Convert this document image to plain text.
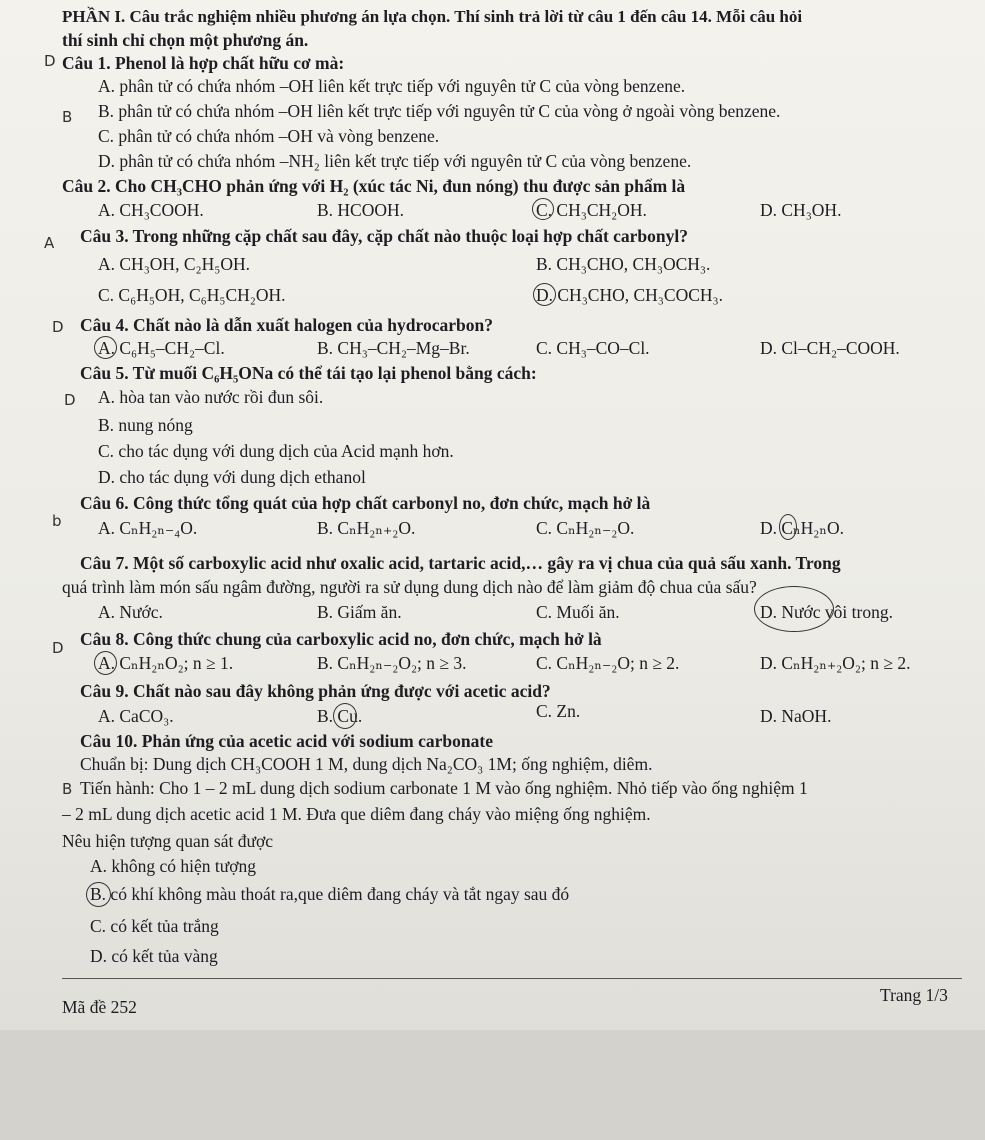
PHẦN I. Câu trắc nghiệm nhiều phương án lựa chọn. Thí sinh trả lời từ câu 1 đến câu 14. Mỗi câu hỏi
thí sinh chỉ chọn một phương án.
D Câu 1. Phenol là hợp chất hữu cơ mà:
A. phân tử có chứa nhóm –OH liên kết trực tiếp với nguyên tử C của vòng benzene.
B B. phân tử có chứa nhóm –OH liên kết trực tiếp với nguyên tử C của vòng ở ngoài vòng benzene.
C. phân tử có chứa nhóm –OH và vòng benzene.
D. phân tử có chứa nhóm –NH₂ liên kết trực tiếp với nguyên tử C của vòng benzene.
Câu 2. Cho CH₃CHO phản ứng với H₂ (xúc tác Ni, đun nóng) thu được sản phẩm là
A. CH₃COOH.	B. HCOOH.	C. CH₃CH₂OH.	D. CH₃OH.
A Câu 3. Trong những cặp chất sau đây, cặp chất nào thuộc loại hợp chất carbonyl?
A. CH₃OH, C₂H₅OH.	B. CH₃CHO, CH₃OCH₃.
C. C₆H₅OH, C₆H₅CH₂OH.	D. CH₃CHO, CH₃COCH₃.
D Câu 4. Chất nào là dẫn xuất halogen của hydrocarbon?
A. C₆H₅–CH₂–Cl.	B. CH₃–CH₂–Mg–Br.	C. CH₃–CO–Cl.	D. Cl–CH₂–COOH.
Câu 5. Từ muối C₆H₅ONa có thể tái tạo lại phenol bằng cách:
D A. hòa tan vào nước rồi đun sôi.
B. nung nóng
C. cho tác dụng với dung dịch của Acid mạnh hơn.
D. cho tác dụng với dung dịch ethanol
Câu 6. Công thức tổng quát của hợp chất carbonyl no, đơn chức, mạch hở là
b A. CₙH₂ₙ₋₄O.	B. CₙH₂ₙ₊₂O.	C. CₙH₂ₙ₋₂O.	D. CₙH₂ₙO.
Câu 7. Một số carboxylic acid như oxalic acid, tartaric acid,… gây ra vị chua của quả sấu xanh. Trong
quá trình làm món sấu ngâm đường, người ra sử dụng dung dịch nào để làm giảm độ chua của sấu?
A. Nước.	B. Giấm ăn.	C. Muối ăn.	D. Nước vôi trong.
D Câu 8. Công thức chung của carboxylic acid no, đơn chức, mạch hở là
A. CₙH₂ₙO₂; n ≥ 1.	B. CₙH₂ₙ₋₂O₂; n ≥ 3.	C. CₙH₂ₙ₋₂O; n ≥ 2.	D. CₙH₂ₙ₊₂O₂; n ≥ 2.
Câu 9. Chất nào sau đây không phản ứng được với acetic acid?
A. CaCO₃.	B. Cu.	C. Zn.	D. NaOH.
Câu 10. Phản ứng của acetic acid với sodium carbonate
B
Chuẩn bị: Dung dịch CH₃COOH 1 M, dung dịch Na₂CO₃ 1M; ống nghiệm, diêm.
Tiến hành: Cho 1 – 2 mL dung dịch sodium carbonate 1 M vào ống nghiệm. Nhỏ tiếp vào ống nghiệm 1
– 2 mL dung dịch acetic acid 1 M. Đưa que diêm đang cháy vào miệng ống nghiệm.
Nêu hiện tượng quan sát được
A. không có hiện tượng
B. có khí không màu thoát ra,que diêm đang cháy và tắt ngay sau đó
C. có kết tủa trắng
D. có kết tủa vàng
Mã đề 252
Trang 1/3
